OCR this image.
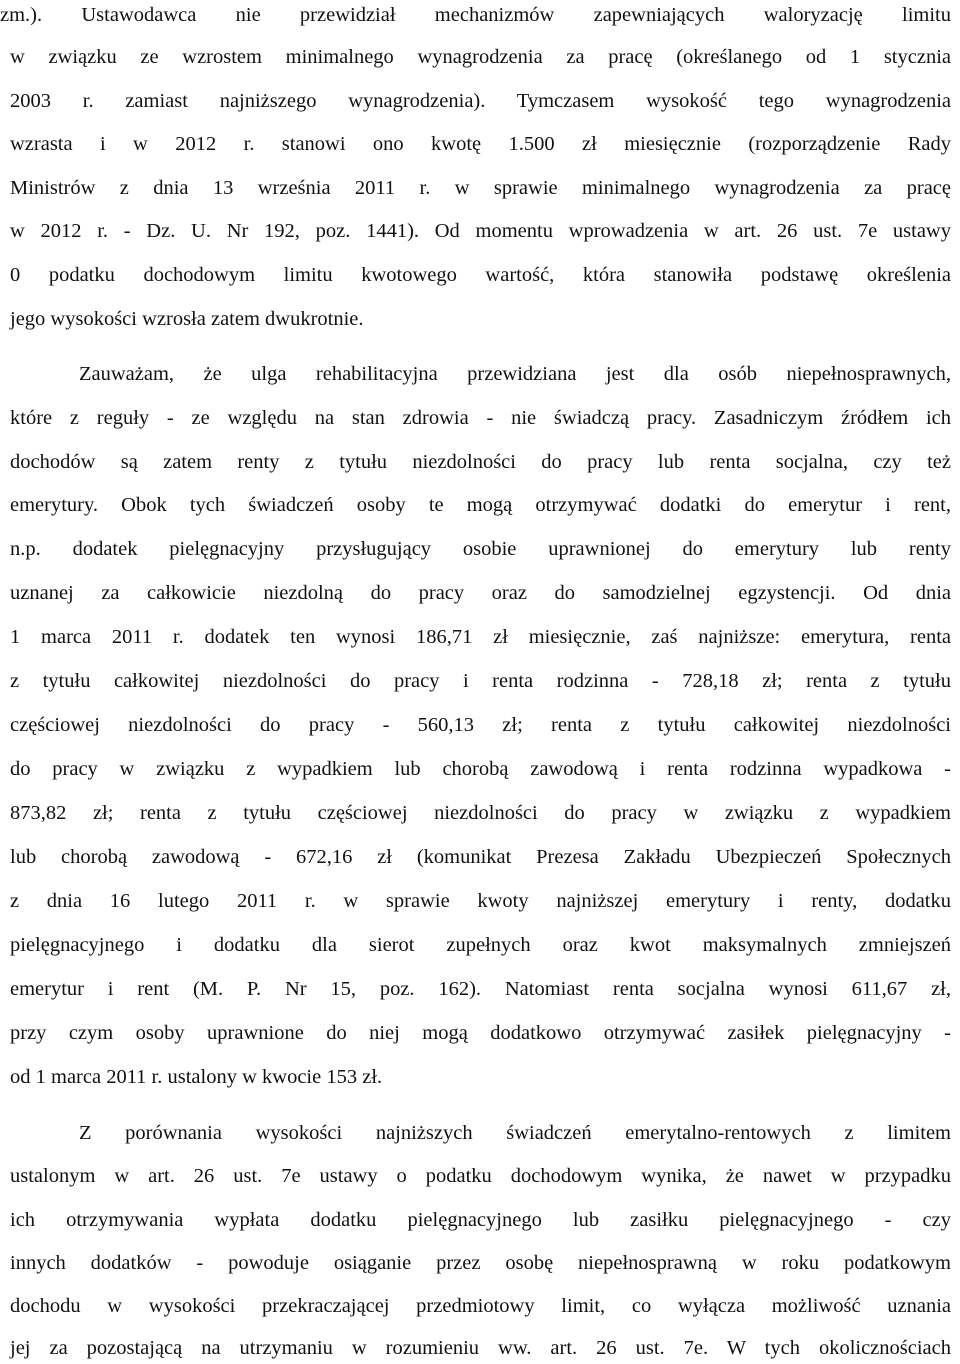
zm.). Ustawodawca nie przewidział mechanizmów zapewniających waloryzację limitu
w związku ze wzrostem minimalnego wynagrodzenia za pracę (określanego od 1 stycznia
2003 r. zamiast najniższego wynagrodzenia). Tymczasem wysokość tego wynagrodzenia
wzrasta i w 2012 r. stanowi ono kwotę 1.500 zł miesięcznie (rozporządzenie Rady
Ministrów z dnia 13 września 2011 r. w sprawie minimalnego wynagrodzenia za pracę
w 2012 r. - Dz. U. Nr 192, poz. 1441). Od momentu wprowadzenia w art. 26 ust. 7e ustawy
0 podatku dochodowym limitu kwotowego wartość, która stanowiła podstawę określenia
jego wysokości wzrosła zatem dwukrotnie.
Zauważam, że ulga rehabilitacyjna przewidziana jest dla osób niepełnosprawnych,
które z reguły - ze względu na stan zdrowia - nie świadczą pracy. Zasadniczym źródłem ich
dochodów są zatem renty z tytułu niezdolności do pracy lub renta socjalna, czy też
emerytury. Obok tych świadczeń osoby te mogą otrzymywać dodatki do emerytur i rent,
n.p. dodatek pielęgnacyjny przysługujący osobie uprawnionej do emerytury lub renty
uznanej za całkowicie niezdolną do pracy oraz do samodzielnej egzystencji. Od dnia
1 marca 2011 r. dodatek ten wynosi 186,71 zł miesięcznie, zaś najniższe: emerytura, renta
z tytułu całkowitej niezdolności do pracy i renta rodzinna - 728,18 zł; renta z tytułu
częściowej niezdolności do pracy - 560,13 zł; renta z tytułu całkowitej niezdolności
do pracy w związku z wypadkiem lub chorobą zawodową i renta rodzinna wypadkowa -
873,82 zł; renta z tytułu częściowej niezdolności do pracy w związku z wypadkiem
lub chorobą zawodową - 672,16 zł (komunikat Prezesa Zakładu Ubezpieczeń Społecznych
z dnia 16 lutego 2011 r. w sprawie kwoty najniższej emerytury i renty, dodatku
pielęgnacyjnego i dodatku dla sierot zupełnych oraz kwot maksymalnych zmniejszeń
emerytur i rent (M. P. Nr 15, poz. 162). Natomiast renta socjalna wynosi 611,67 zł,
przy czym osoby uprawnione do niej mogą dodatkowo otrzymywać zasiłek pielęgnacyjny -
od 1 marca 2011 r. ustalony w kwocie 153 zł.
Z porównania wysokości najniższych świadczeń emerytalno-rentowych z limitem
ustalonym w art. 26 ust. 7e ustawy o podatku dochodowym wynika, że nawet w przypadku
ich otrzymywania wypłata dodatku pielęgnacyjnego lub zasiłku pielęgnacyjnego - czy
innych dodatków - powoduje osiąganie przez osobę niepełnosprawną w roku podatkowym
dochodu w wysokości przekraczającej przedmiotowy limit, co wyłącza możliwość uznania
jej za pozostającą na utrzymaniu w rozumieniu ww. art. 26 ust. 7e. W tych okolicznościach
